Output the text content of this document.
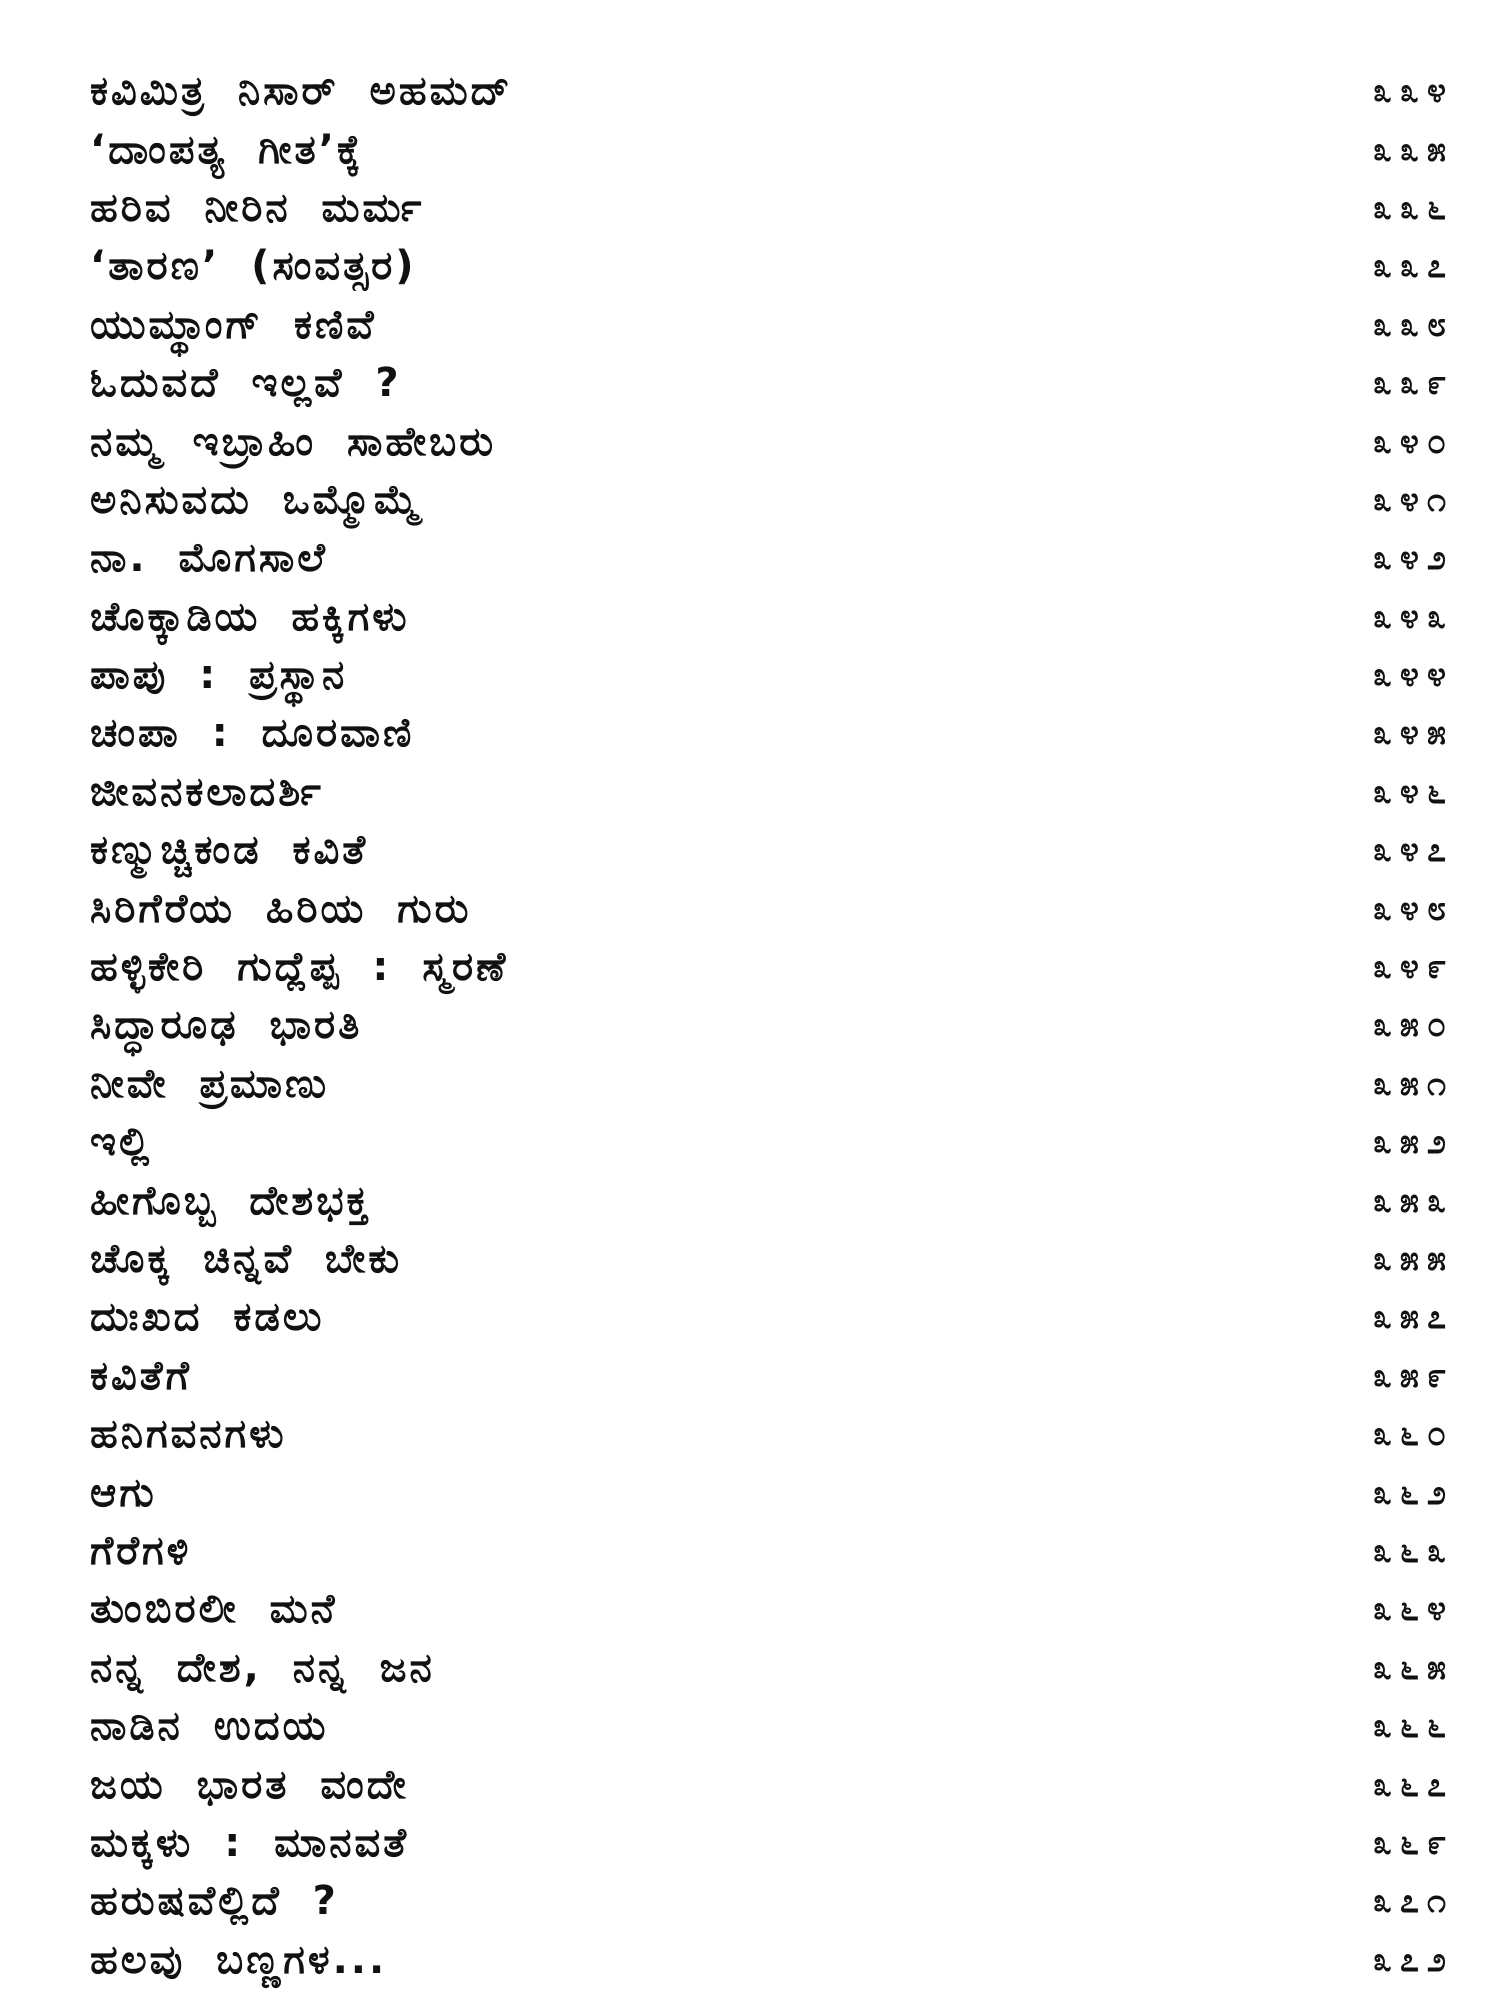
ಕವಿಮಿತ್ರ ನಿಸಾರ್ ಅಹಮದ್	೩೩೪
‘ದಾಂಪತ್ಯ ಗೀತ’ಕ್ಕೆ	೩೩೫
ಹರಿವ ನೀರಿನ ಮರ್ಮ	೩೩೬
‘ತಾರಣ’ (ಸಂವತ್ಸರ)	೩೩೭
ಯುಮ್ಥಾಂಗ್ ಕಣಿವೆ	೩೩೮
ಓದುವದೆ ಇಲ್ಲವೆ ?	೩೩೯
ನಮ್ಮ ಇಬ್ರಾಹಿಂ ಸಾಹೇಬರು	೩೪೦
ಅನಿಸುವದು ಒಮ್ಮೊಮ್ಮೆ	೩೪೧
ನಾ. ಮೊಗಸಾಲೆ	೩೪೨
ಚೊಕ್ಕಾಡಿಯ ಹಕ್ಕಿಗಳು	೩೪೩
ಪಾಪು : ಪ್ರಸ್ಥಾನ	೩೪೪
ಚಂಪಾ : ದೂರವಾಣಿ	೩೪೫
ಜೀವನಕಲಾದರ್ಶಿ	೩೪೬
ಕಣ್ಮುಚ್ಚಿಕಂಡ ಕವಿತೆ	೩೪೭
ಸಿರಿಗೆರೆಯ ಹಿರಿಯ ಗುರು	೩೪೮
ಹಳ್ಳಿಕೇರಿ ಗುದ್ಲೆಪ್ಪ : ಸ್ಮರಣೆ	೩೪೯
ಸಿದ್ಧಾರೂಢ ಭಾರತಿ	೩೫೦
ನೀವೇ ಪ್ರಮಾಣು	೩೫೧
ಇಲ್ಲಿ	೩೫೨
ಹೀಗೊಬ್ಬ ದೇಶಭಕ್ತ	೩೫೩
ಚೊಕ್ಕ ಚಿನ್ನವೆ ಬೇಕು	೩೫೫
ದುಃಖದ ಕಡಲು	೩೫೭
ಕವಿತೆಗೆ	೩೫೯
ಹನಿಗವನಗಳು	೩೬೦
ಆಗು	೩೬೨
ಗೆರೆಗಳಿ	೩೬೩
ತುಂಬಿರಲೀ ಮನೆ	೩೬೪
ನನ್ನ ದೇಶ, ನನ್ನ ಜನ	೩೬೫
ನಾಡಿನ ಉದಯ	೩೬೬
ಜಯ ಭಾರತ ವಂದೇ	೩೬೭
ಮಕ್ಕಳು : ಮಾನವತೆ	೩೬೯
ಹರುಷವೆಲ್ಲಿದೆ ?	೩೭೧
ಹಲವು ಬಣ್ಣಗಳ...	೩೭೨
